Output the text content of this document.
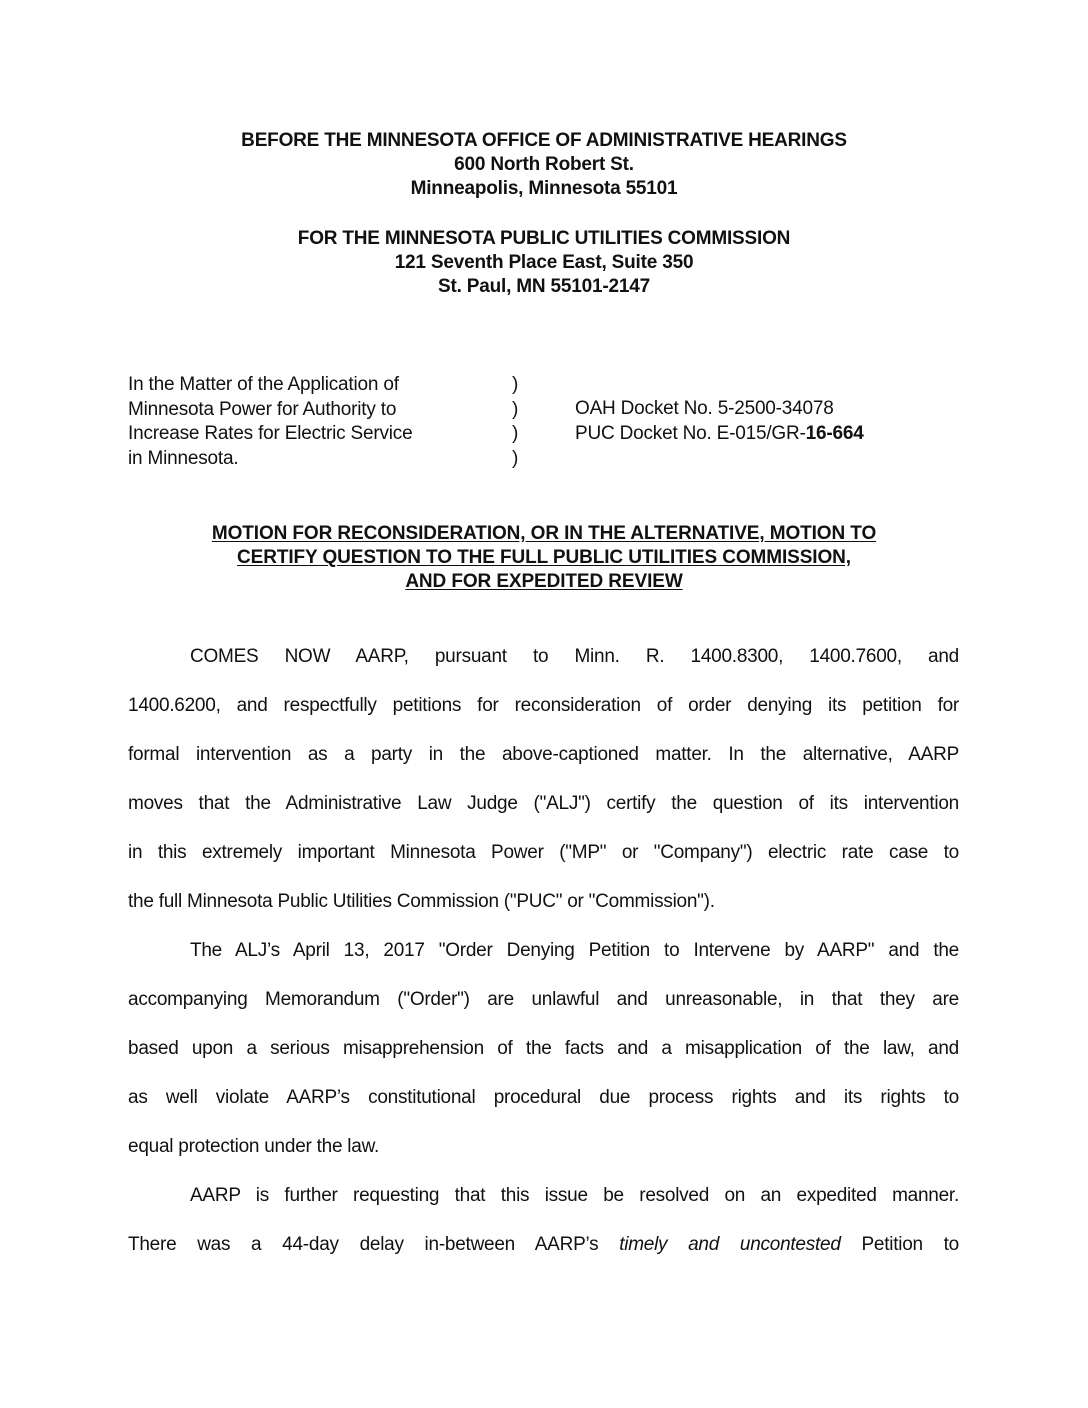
BEFORE THE MINNESOTA OFFICE OF ADMINISTRATIVE HEARINGS
600 North Robert St.
Minneapolis, Minnesota 55101
FOR THE MINNESOTA PUBLIC UTILITIES COMMISSION
121 Seventh Place East, Suite 350
St. Paul, MN 55101-2147
In the Matter of the Application of
Minnesota Power for Authority to
Increase Rates for Electric Service
in Minnesota.
)
)
)
)
OAH Docket No. 5-2500-34078
PUC Docket No. E-015/GR-16-664
MOTION FOR RECONSIDERATION, OR IN THE ALTERNATIVE, MOTION TO
CERTIFY QUESTION TO THE FULL PUBLIC UTILITIES COMMISSION,
AND FOR EXPEDITED REVIEW
COMES NOW AARP, pursuant to Minn. R. 1400.8300, 1400.7600, and
1400.6200, and respectfully petitions for reconsideration of order denying its petition for
formal intervention as a party in the above-captioned matter. In the alternative, AARP
moves that the Administrative Law Judge ("ALJ") certify the question of its intervention
in this extremely important Minnesota Power ("MP" or "Company") electric rate case to
the full Minnesota Public Utilities Commission ("PUC" or "Commission").
The ALJ’s April 13, 2017 "Order Denying Petition to Intervene by AARP" and the
accompanying Memorandum ("Order") are unlawful and unreasonable, in that they are
based upon a serious misapprehension of the facts and a misapplication of the law, and
as well violate AARP’s constitutional procedural due process rights and its rights to
equal protection under the law.
AARP is further requesting that this issue be resolved on an expedited manner.
There was a 44-day delay in-between AARP’s timely and uncontested Petition to
